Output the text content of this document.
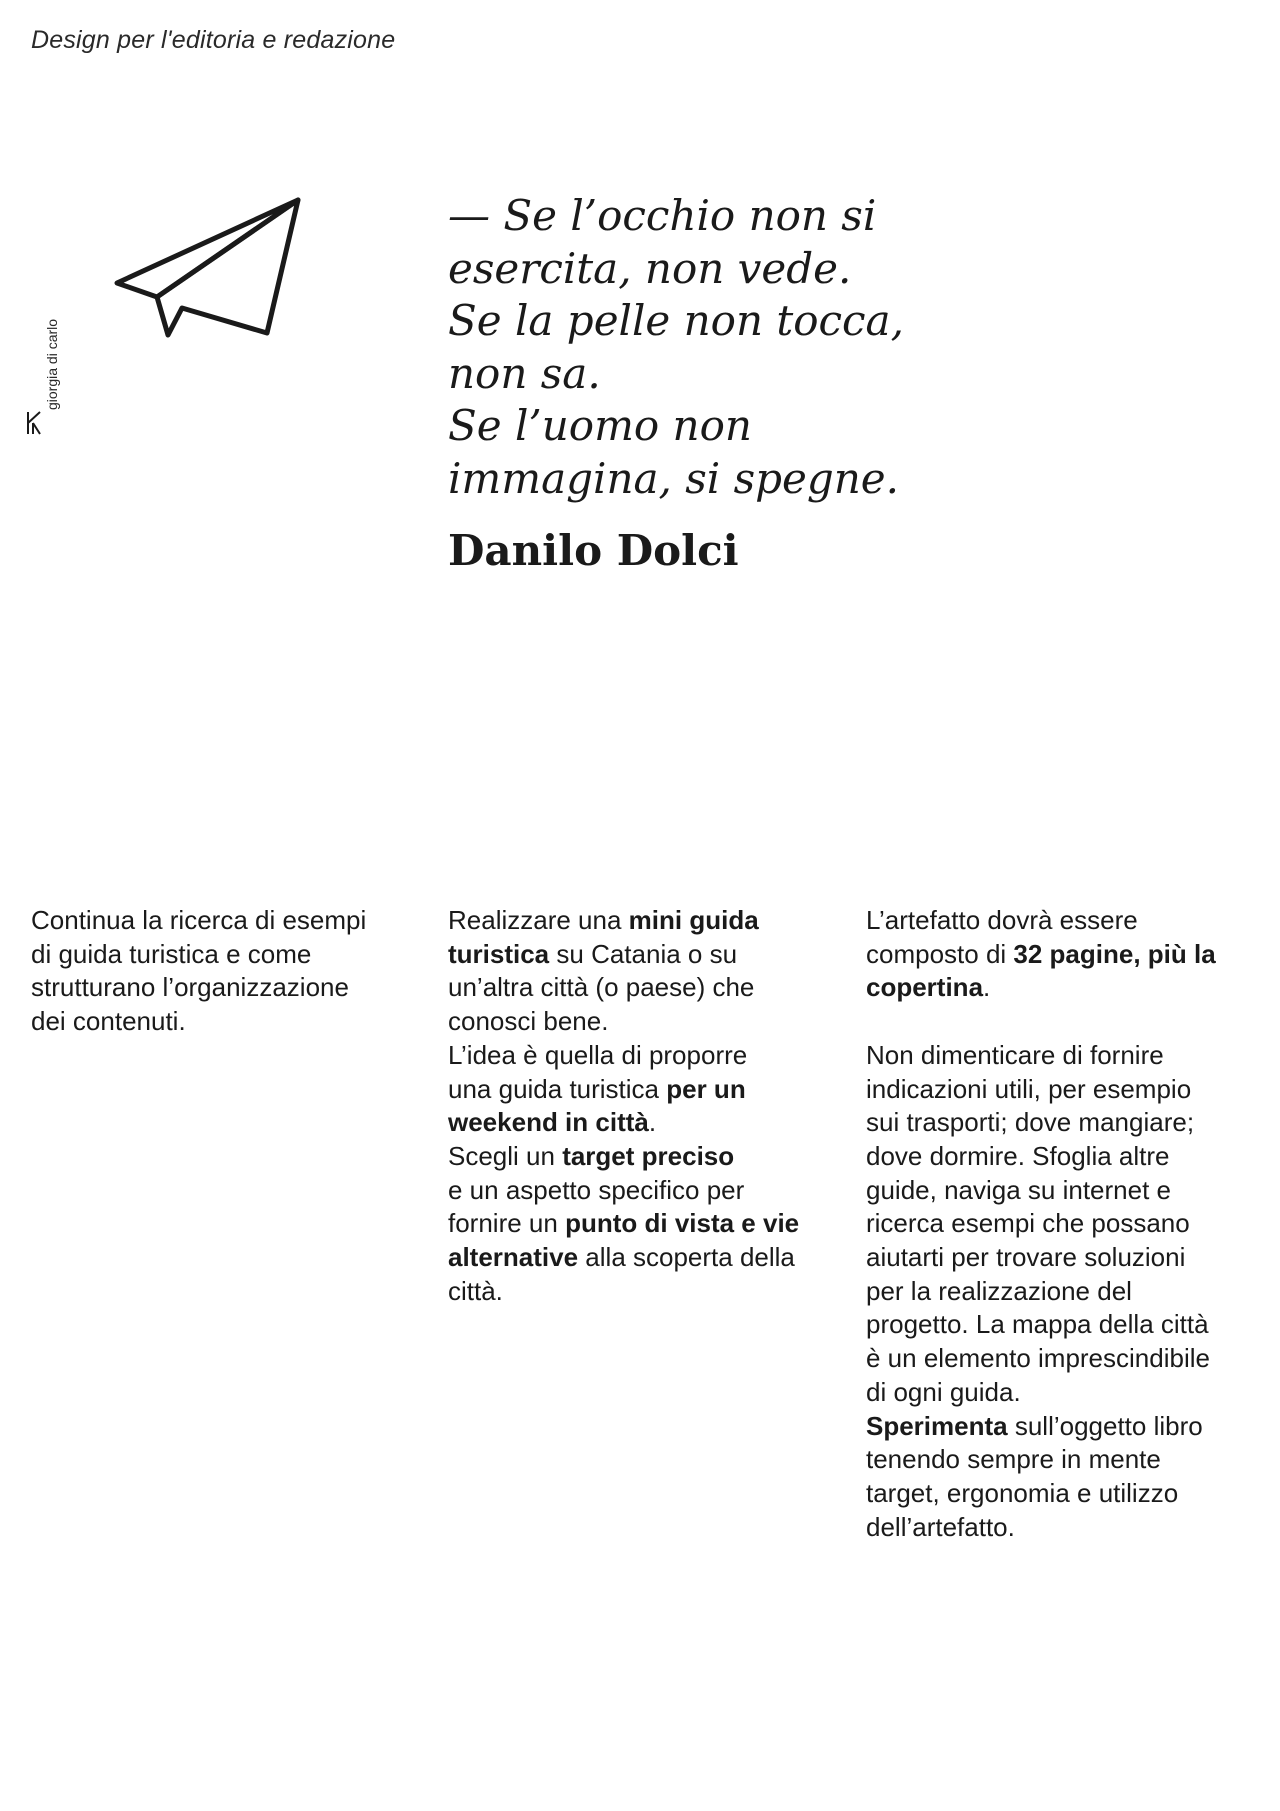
Design per l'editoria e redazione
giorgia di carlo
— Se l’occhio non si
esercita, non vede.
Se la pelle non tocca,
non sa.
Se l’uomo non
immagina, si spegne.
Danilo Dolci
Continua la ricerca di esempi
di guida turistica e come
strutturano l’organizzazione
dei contenuti.
Realizzare una mini guida
turistica su Catania o su
un’altra città (o paese) che
conosci bene.
L’idea è quella di proporre
una guida turistica per un
weekend in città.
Scegli un target preciso
e un aspetto specifico per
fornire un punto di vista e vie
alternative alla scoperta della
città.
L’artefatto dovrà essere
composto di 32 pagine, più la
copertina.
Non dimenticare di fornire
indicazioni utili, per esempio
sui trasporti; dove mangiare;
dove dormire. Sfoglia altre
guide, naviga su internet e
ricerca esempi che possano
aiutarti per trovare soluzioni
per la realizzazione del
progetto. La mappa della città
è un elemento imprescindibile
di ogni guida.
Sperimenta sull’oggetto libro
tenendo sempre in mente
target, ergonomia e utilizzo
dell’artefatto.
